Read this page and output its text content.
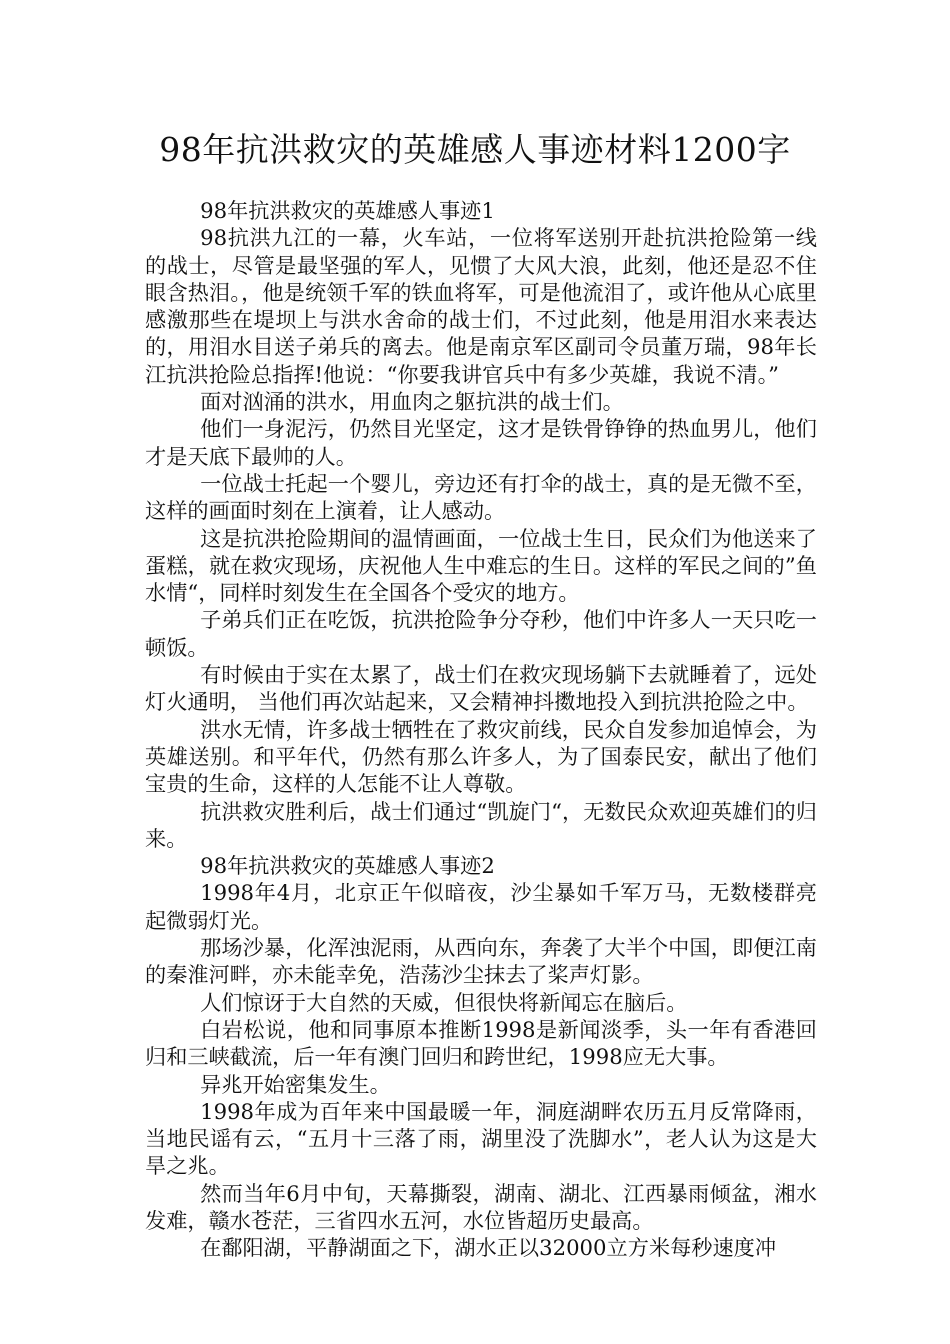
98年抗洪救灾的英雄感人事迹材料1200字

98年抗洪救灾的英雄感人事迹1

98抗洪九江的一幕，火车站，一位将军送别开赴抗洪抢险第一线的战士，尽管是最坚强的军人，见惯了大风大浪，此刻，他还是忍不住眼含热泪。，他是统领千军的铁血将军，可是他流泪了，或许他从心底里感激那些在堤坝上与洪水舍命的战士们，不过此刻，他是用泪水来表达的，用泪水目送子弟兵的离去。他是南京军区副司令员董万瑞，98年长江抗洪抢险总指挥!他说：“你要我讲官兵中有多少英雄，我说不清。”

面对汹涌的洪水，用血肉之躯抗洪的战士们。

他们一身泥污，仍然目光坚定，这才是铁骨铮铮的热血男儿，他们才是天底下最帅的人。

一位战士托起一个婴儿，旁边还有打伞的战士，真的是无微不至，这样的画面时刻在上演着，让人感动。

这是抗洪抢险期间的温情画面，一位战士生日，民众们为他送来了蛋糕，就在救灾现场，庆祝他人生中难忘的生日。这样的军民之间的”鱼水情“，同样时刻发生在全国各个受灾的地方。

子弟兵们正在吃饭，抗洪抢险争分夺秒，他们中许多人一天只吃一顿饭。

有时候由于实在太累了，战士们在救灾现场躺下去就睡着了，远处灯火通明， 当他们再次站起来，又会精神抖擞地投入到抗洪抢险之中。

洪水无情，许多战士牺牲在了救灾前线，民众自发参加追悼会，为英雄送别。和平年代，仍然有那么许多人，为了国泰民安，献出了他们宝贵的生命，这样的人怎能不让人尊敬。

抗洪救灾胜利后，战士们通过“凯旋门“，无数民众欢迎英雄们的归来。

98年抗洪救灾的英雄感人事迹2

1998年4月，北京正午似暗夜，沙尘暴如千军万马，无数楼群亮起微弱灯光。

那场沙暴，化浑浊泥雨，从西向东，奔袭了大半个中国，即便江南的秦淮河畔，亦未能幸免，浩荡沙尘抹去了桨声灯影。

人们惊讶于大自然的天威，但很快将新闻忘在脑后。

白岩松说，他和同事原本推断1998是新闻淡季，头一年有香港回归和三峡截流，后一年有澳门回归和跨世纪，1998应无大事。

异兆开始密集发生。

1998年成为百年来中国最暖一年，洞庭湖畔农历五月反常降雨，当地民谣有云，“五月十三落了雨，湖里没了洗脚水”，老人认为这是大旱之兆。

然而当年6月中旬，天幕撕裂，湖南、湖北、江西暴雨倾盆，湘水发难，赣水苍茫，三省四水五河，水位皆超历史最高。

在鄱阳湖，平静湖面之下，湖水正以32000立方米每秒速度冲
